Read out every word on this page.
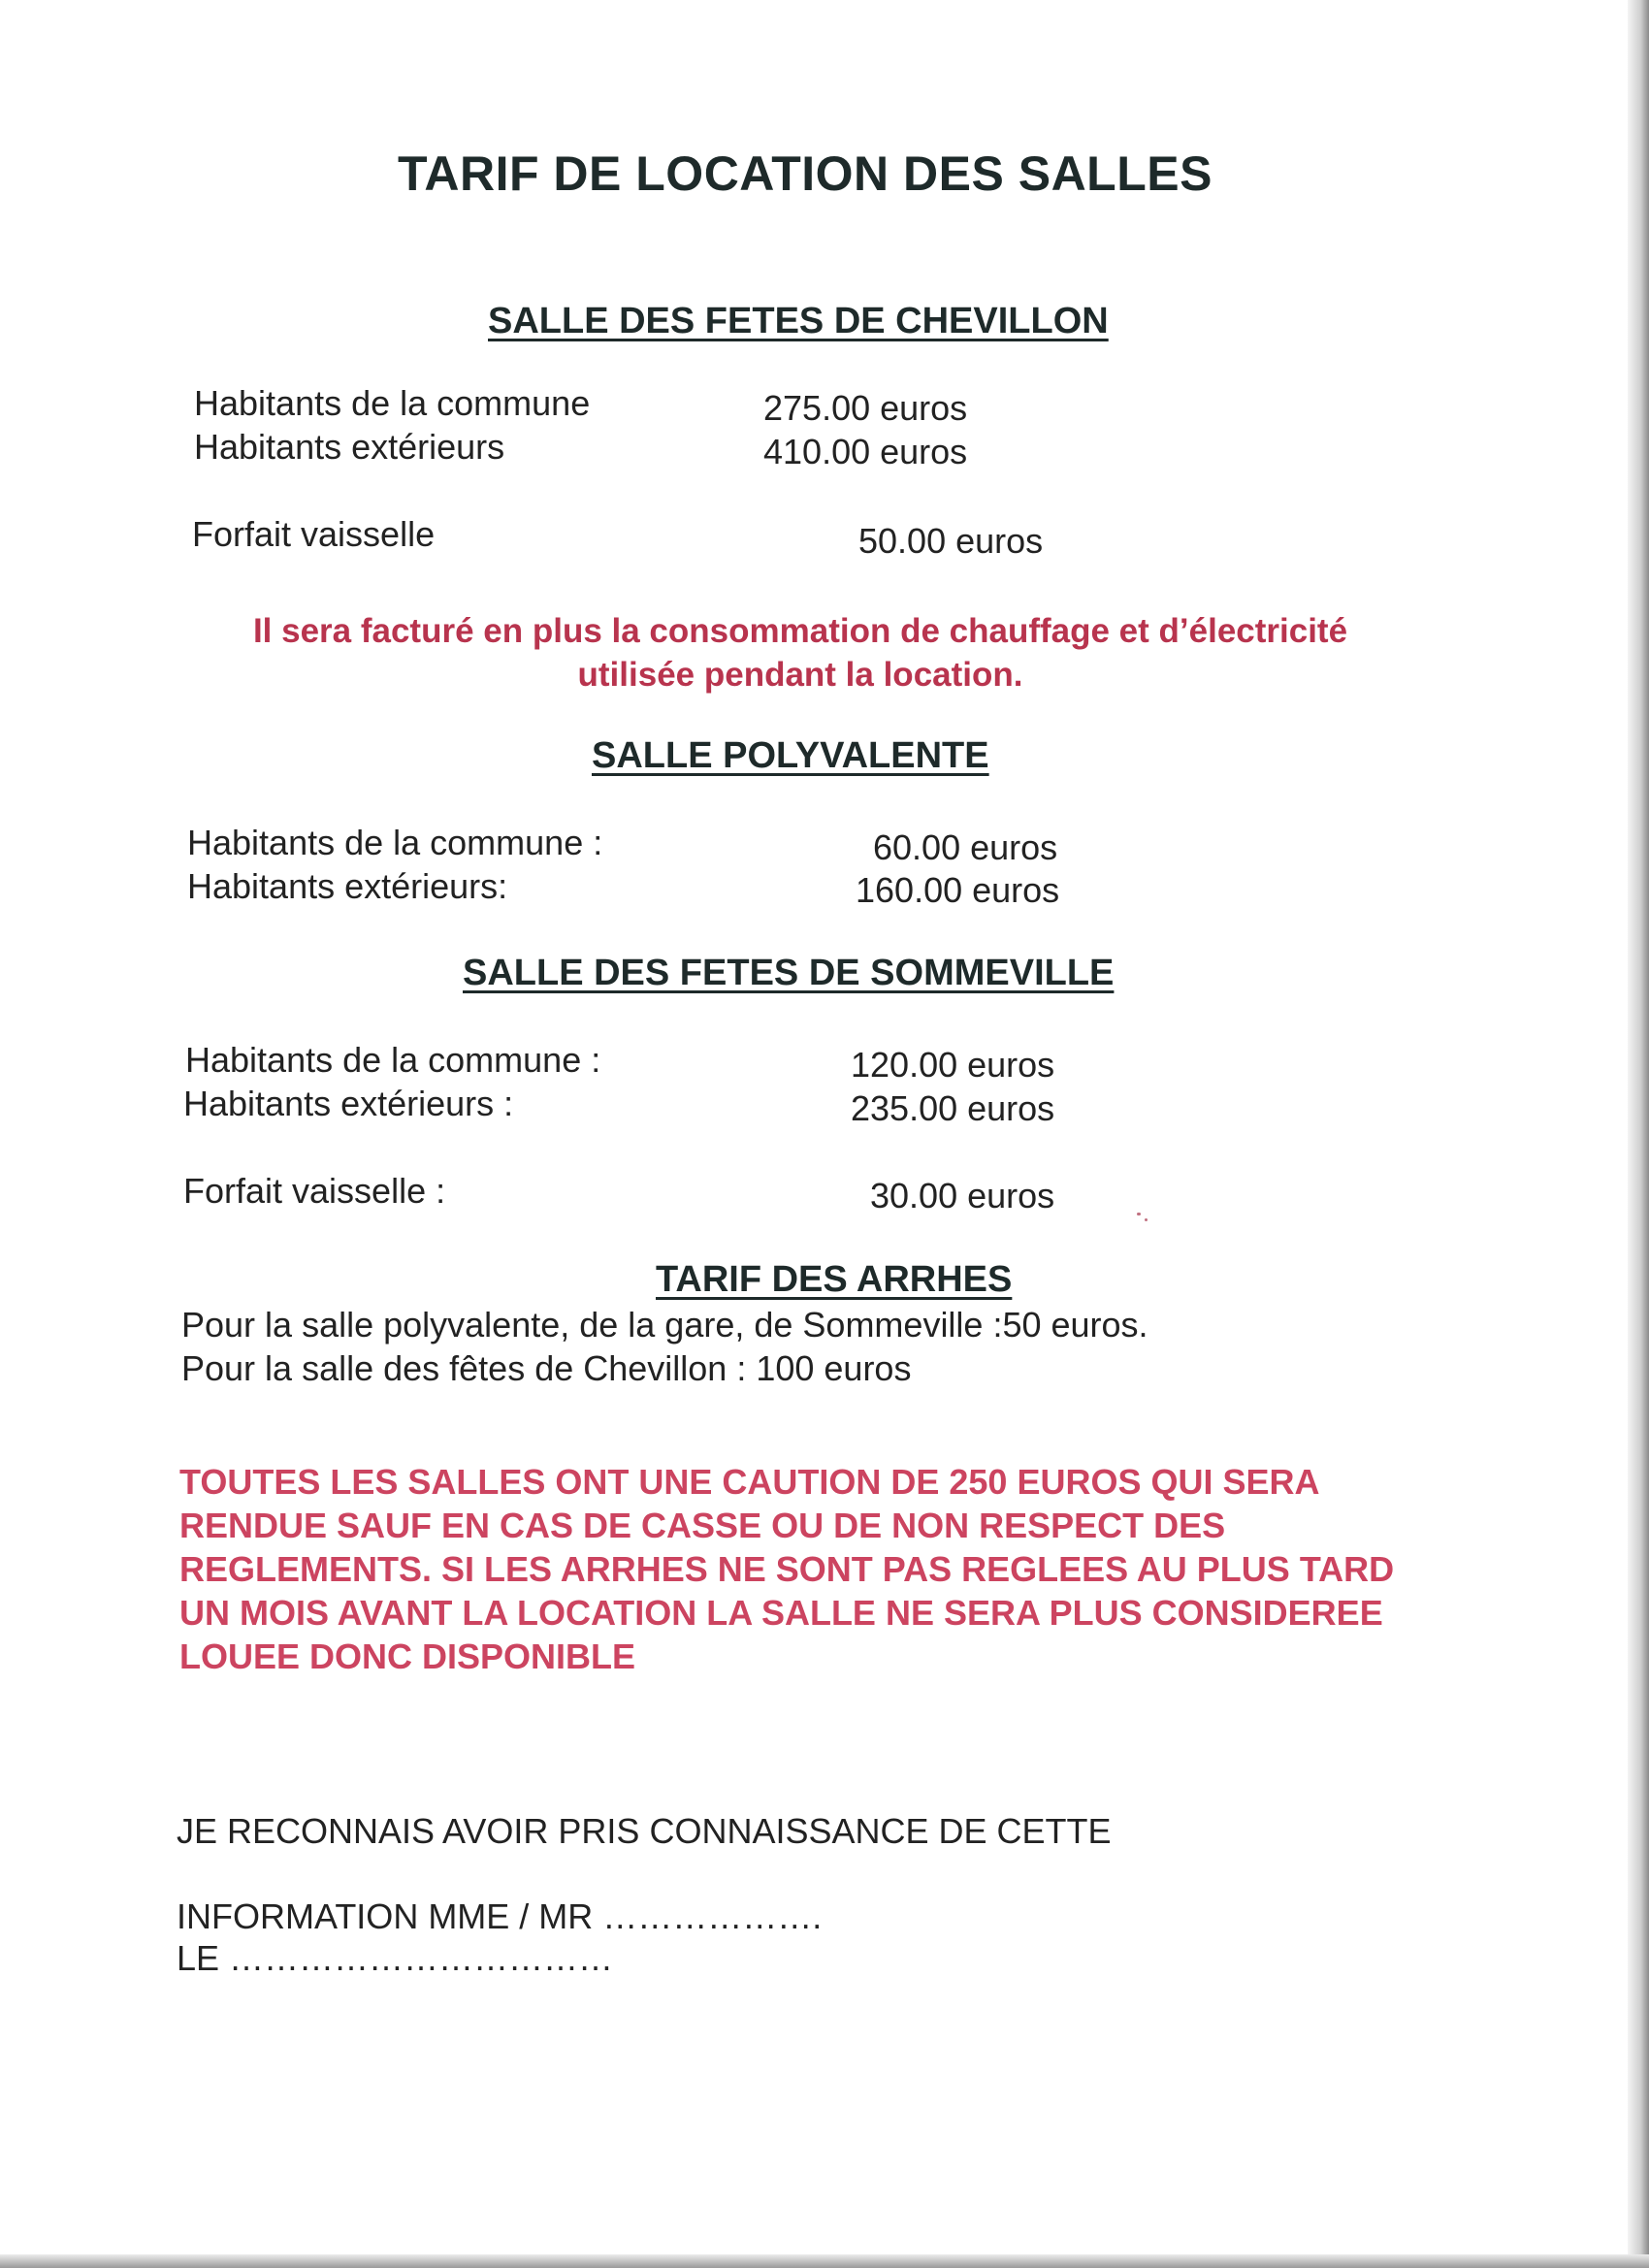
TARIF DE LOCATION DES SALLES
SALLE DES FETES DE CHEVILLON
Habitants de la commune	275.00 euros
Habitants extérieurs	410.00 euros
Forfait vaisselle	50.00 euros
Il sera facturé en plus la consommation de chauffage et d’électricité utilisée pendant la location.
SALLE POLYVALENTE
Habitants de la commune :	60.00 euros
Habitants extérieurs:	160.00 euros
SALLE DES FETES DE SOMMEVILLE
Habitants de la commune :	120.00 euros
Habitants extérieurs :	235.00 euros
Forfait vaisselle :	30.00 euros
TARIF DES ARRHES
Pour la salle polyvalente, de la gare, de Sommeville :50 euros.
Pour la salle des fêtes de Chevillon : 100 euros
TOUTES LES SALLES ONT UNE CAUTION DE 250 EUROS QUI SERA RENDUE SAUF EN CAS DE CASSE OU DE NON RESPECT DES REGLEMENTS. SI LES ARRHES NE SONT PAS REGLEES AU PLUS TARD UN MOIS AVANT LA LOCATION LA SALLE NE SERA PLUS CONSIDEREE LOUEE DONC DISPONIBLE
JE RECONNAIS AVOIR PRIS CONNAISSANCE DE CETTE
INFORMATION MME / MR ……………….
LE ……………………………
